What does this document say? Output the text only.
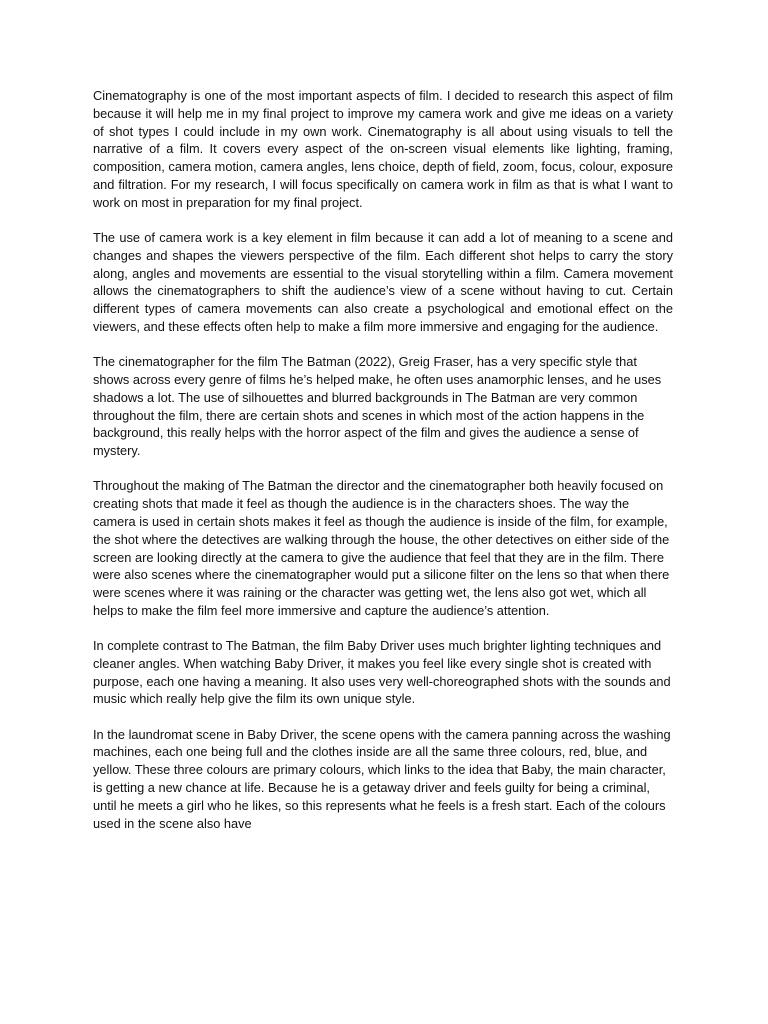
Cinematography is one of the most important aspects of film. I decided to research this aspect of film because it will help me in my final project to improve my camera work and give me ideas on a variety of shot types I could include in my own work. Cinematography is all about using visuals to tell the narrative of a film. It covers every aspect of the on-screen visual elements like lighting, framing, composition, camera motion, camera angles, lens choice, depth of field, zoom, focus, colour, exposure and filtration. For my research, I will focus specifically on camera work in film as that is what I want to work on most in preparation for my final project.

The use of camera work is a key element in film because it can add a lot of meaning to a scene and changes and shapes the viewers perspective of the film. Each different shot helps to carry the story along, angles and movements are essential to the visual storytelling within a film. Camera movement allows the cinematographers to shift the audience’s view of a scene without having to cut. Certain different types of camera movements can also create a psychological and emotional effect on the viewers, and these effects often help to make a film more immersive and engaging for the audience.

The cinematographer for the film The Batman (2022), Greig Fraser, has a very specific style that shows across every genre of films he’s helped make, he often uses anamorphic lenses, and he uses shadows a lot. The use of silhouettes and blurred backgrounds in The Batman are very common throughout the film, there are certain shots and scenes in which most of the action happens in the background, this really helps with the horror aspect of the film and gives the audience a sense of mystery.

Throughout the making of The Batman the director and the cinematographer both heavily focused on creating shots that made it feel as though the audience is in the characters shoes. The way the camera is used in certain shots makes it feel as though the audience is inside of the film, for example, the shot where the detectives are walking through the house, the other detectives on either side of the screen are looking directly at the camera to give the audience that feel that they are in the film. There were also scenes where the cinematographer would put a silicone filter on the lens so that when there were scenes where it was raining or the character was getting wet, the lens also got wet, which all helps to make the film feel more immersive and capture the audience’s attention.

In complete contrast to The Batman, the film Baby Driver uses much brighter lighting techniques and cleaner angles. When watching Baby Driver, it makes you feel like every single shot is created with purpose, each one having a meaning. It also uses very well-choreographed shots with the sounds and music which really help give the film its own unique style.

In the laundromat scene in Baby Driver, the scene opens with the camera panning across the washing machines, each one being full and the clothes inside are all the same three colours, red, blue, and yellow. These three colours are primary colours, which links to the idea that Baby, the main character, is getting a new chance at life. Because he is a getaway driver and feels guilty for being a criminal, until he meets a girl who he likes, so this represents what he feels is a fresh start. Each of the colours used in the scene also have
